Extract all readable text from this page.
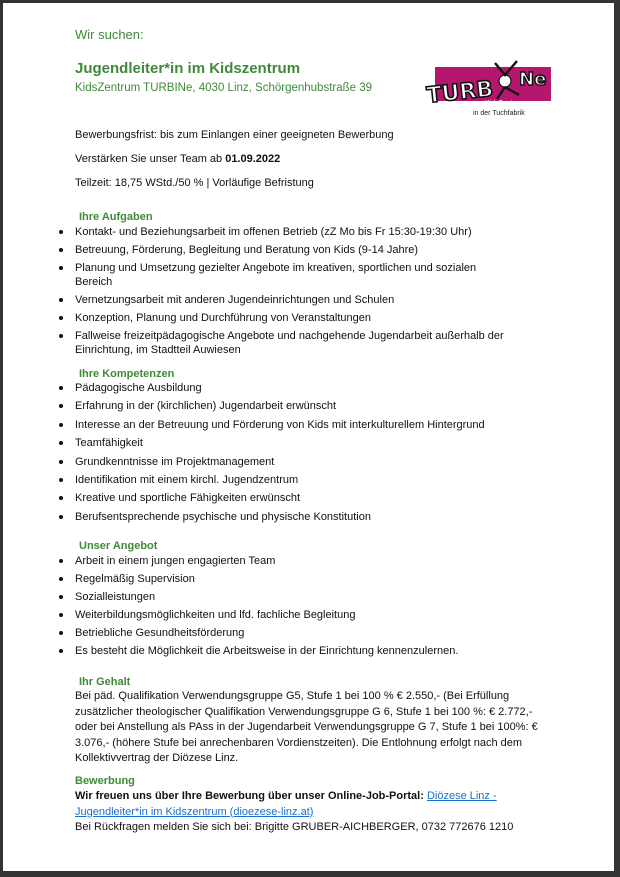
Wir suchen:
Jugendleiter*in im Kidszentrum
KidsZentrum TURBINe, 4030 Linz, Schörgenhubstraße 39 TURB Ne
KidsZentrum
in der Tuchfabrik
Bewerbungsfrist: bis zum Einlangen einer geeigneten Bewerbung
Verstärken Sie unser Team ab 01.09.2022
Teilzeit: 18,75 WStd./50 % | Vorläufige Befristung
Ihre Aufgaben
Kontakt- und Beziehungsarbeit im offenen Betrieb (zZ Mo bis Fr 15:30-19:30 Uhr)
Betreuung, Förderung, Begleitung und Beratung von Kids (9-14 Jahre)
Planung und Umsetzung gezielter Angebote im kreativen, sportlichen und sozialen Bereich
Vernetzungsarbeit mit anderen Jugendeinrichtungen und Schulen
Konzeption, Planung und Durchführung von Veranstaltungen
Fallweise freizeitpädagogische Angebote und nachgehende Jugendarbeit außerhalb der Einrichtung, im Stadtteil Auwiesen
Ihre Kompetenzen
Pädagogische Ausbildung
Erfahrung in der (kirchlichen) Jugendarbeit erwünscht
Interesse an der Betreuung und Förderung von Kids mit interkulturellem Hintergrund
Teamfähigkeit
Grundkenntnisse im Projektmanagement
Identifikation mit einem kirchl. Jugendzentrum
Kreative und sportliche Fähigkeiten erwünscht
Berufsentsprechende psychische und physische Konstitution
Unser Angebot
Arbeit in einem jungen engagierten Team
Regelmäßig Supervision
Sozialleistungen
Weiterbildungsmöglichkeiten und lfd. fachliche Begleitung
Betriebliche Gesundheitsförderung
Es besteht die Möglichkeit die Arbeitsweise in der Einrichtung kennenzulernen.
Ihr Gehalt
Bei päd. Qualifikation Verwendungsgruppe G5, Stufe 1 bei 100 % € 2.550,- (Bei Erfüllung zusätzlicher theologischer Qualifikation Verwendungsgruppe G 6, Stufe 1 bei 100 %: € 2.772,- oder bei Anstellung als PAss in der Jugendarbeit Verwendungsgruppe G 7, Stufe 1 bei 100%: € 3.076,- (höhere Stufe bei anrechenbaren Vordienstzeiten). Die Entlohnung erfolgt nach dem Kollektivvertrag der Diözese Linz.
Bewerbung
Wir freuen uns über Ihre Bewerbung über unser Online-Job-Portal: Diözese Linz - Jugendleiter*in im Kidszentrum (dioezese-linz.at)
Bei Rückfragen melden Sie sich bei: Brigitte GRUBER-AICHBERGER, 0732 772676 1210
